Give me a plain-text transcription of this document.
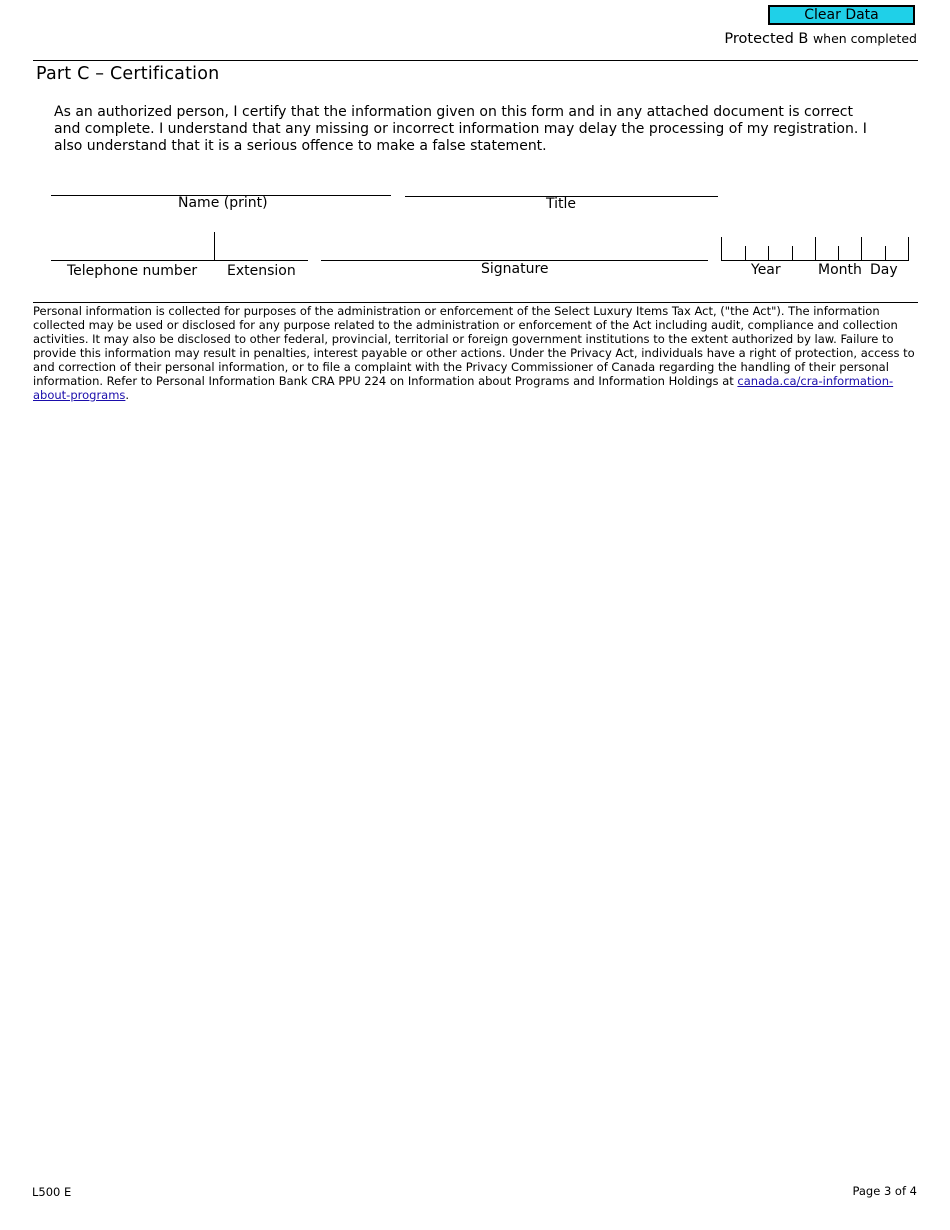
Clear Data
Protected B when completed
Part C – Certification
As an authorized person, I certify that the information given on this form and in any attached document is correct and complete. I understand that any missing or incorrect information may delay the processing of my registration. I also understand that it is a serious offence to make a false statement.
Name (print)	Title
Telephone number Extension	Signature	Year	Month Day
Personal information is collected for purposes of the administration or enforcement of the Select Luxury Items Tax Act, ("the Act"). The information collected may be used or disclosed for any purpose related to the administration or enforcement of the Act including audit, compliance and collection activities. It may also be disclosed to other federal, provincial, territorial or foreign government institutions to the extent authorized by law. Failure to provide this information may result in penalties, interest payable or other actions. Under the Privacy Act, individuals have a right of protection, access to and correction of their personal information, or to file a complaint with the Privacy Commissioner of Canada regarding the handling of their personal information. Refer to Personal Information Bank CRA PPU 224 on Information about Programs and Information Holdings at canada.ca/cra-information-about-programs.
L500 E	Page 3 of 4
